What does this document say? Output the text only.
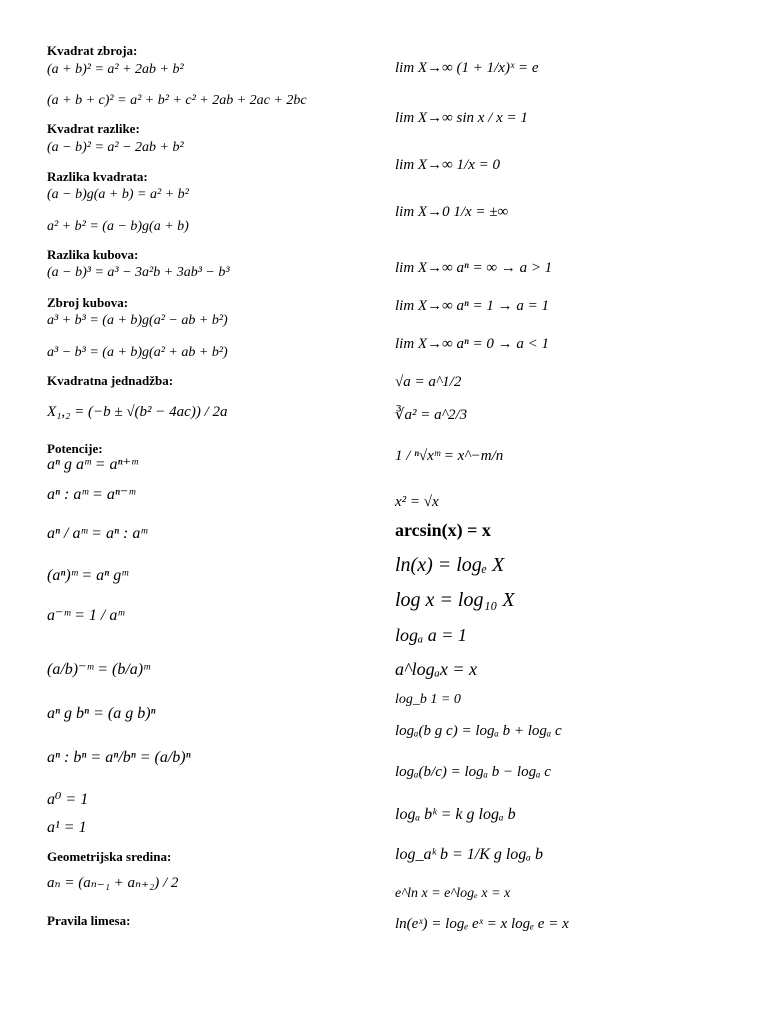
Kvadrat zbroja:
(a + b)² = a² + 2ab + b²
(a + b + c)² = a² + b² + c² + 2ab + 2ac + 2bc
Kvadrat razlike:
(a − b)² = a² − 2ab + b²
Razlika kvadrata:
(a − b)g(a + b) = a² + b²
a² + b² = (a − b)g(a + b)
Razlika kubova:
(a − b)³ = a³ − 3a²b + 3ab³ − b³
Zbroj kubova:
a³ + b³ = (a + b)g(a² − ab + b²)
a³ − b³ = (a + b)g(a² + ab + b²)
Kvadratna jednadžba:
X₁,₂ = (−b ± √(b² − 4ac)) / 2a
Potencije:
aⁿ g aᵐ = aⁿ⁺ᵐ
aⁿ : aᵐ = aⁿ⁻ᵐ
aⁿ / aᵐ = aⁿ : aᵐ
(aⁿ)ᵐ = aⁿ gᵐ
a⁻ᵐ = 1 / aᵐ
(a/b)⁻ᵐ = (b/a)ᵐ
aⁿ g bⁿ = (a g b)ⁿ
aⁿ : bⁿ = aⁿ/bⁿ = (a/b)ⁿ
a⁰ = 1
a¹ = 1
Geometrijska sredina:
aₙ = (aₙ₋₁ + aₙ₊₂) / 2
Pravila limesa:
lim X→∞ (1 + 1/x)ˣ = e
lim X→∞ sin x / x = 1
lim X→∞ 1/x = 0
lim X→0 1/x = ±∞
lim X→∞ aⁿ = ∞ → a > 1
lim X→∞ aⁿ = 1 → a = 1
lim X→∞ aⁿ = 0 → a < 1
√a = a^1/2
∛a² = a^2/3
1 / ⁿ√xᵐ = x^−m/n
x² = √x
arcsin(x) = x
ln(x) = logₑ X
log x = log₁₀ X
logₐ a = 1
a^logₐx = x
log_b 1 = 0
logₐ(b g c) = logₐ b + logₐ c
logₐ(b/c) = logₐ b − logₐ c
logₐ bᵏ = k g logₐ b
log_aᵏ b = 1/K g logₐ b
e^ln x = e^logₑ x = x
ln(eˣ) = logₑ eˣ = x logₑ e = x
